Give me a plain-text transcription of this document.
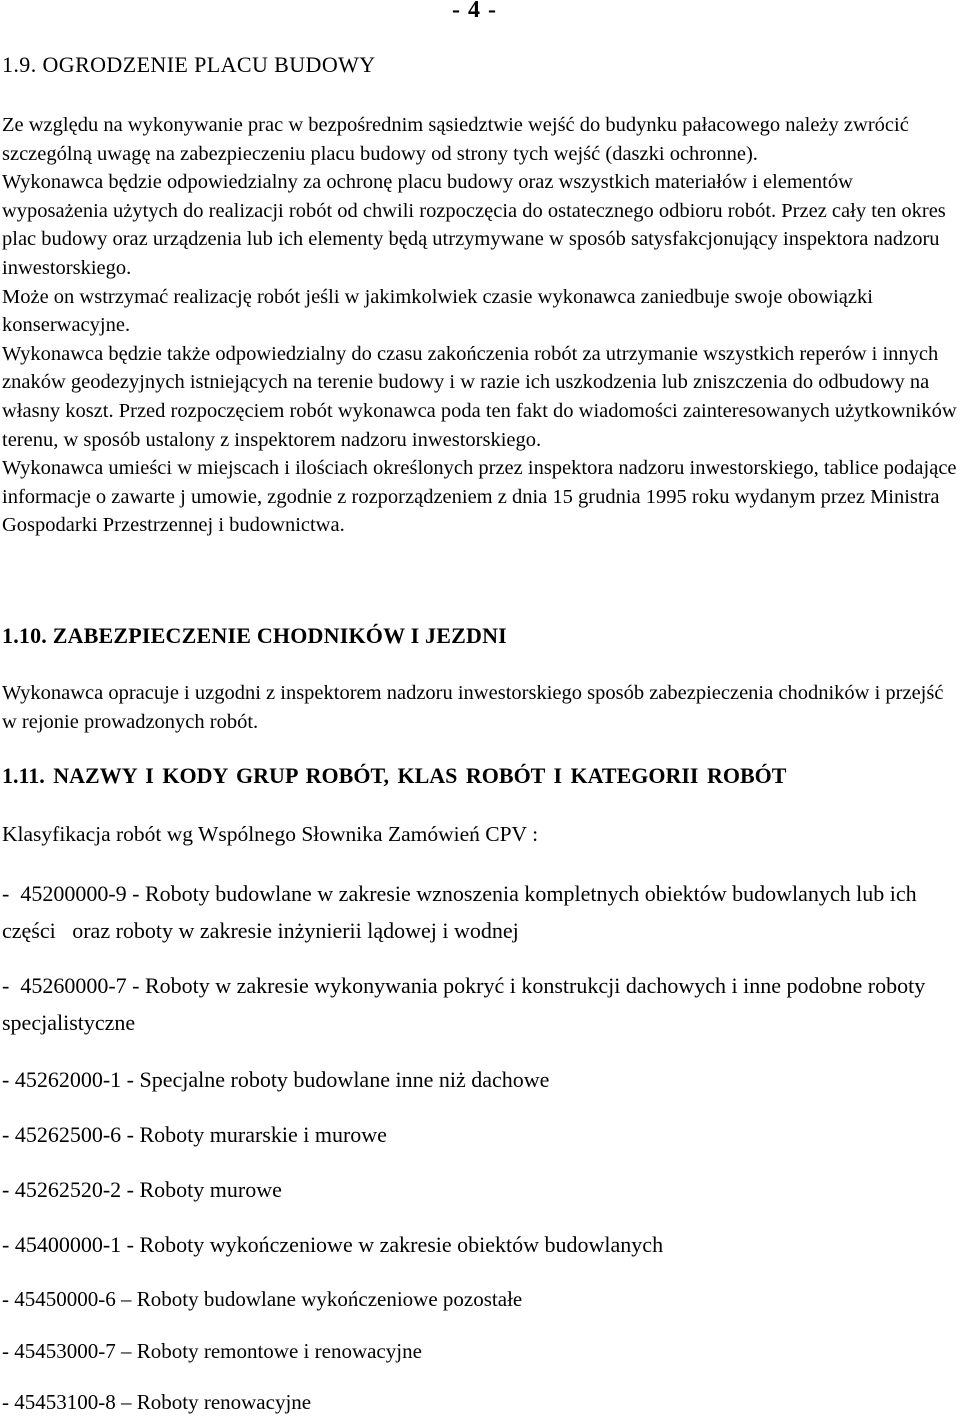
- 4 -
1.9. OGRODZENIE PLACU BUDOWY

Ze względu na wykonywanie prac w bezpośrednim sąsiedztwie wejść do budynku pałacowego należy zwrócić szczególną uwagę na zabezpieczeniu placu budowy od strony tych wejść (daszki ochronne).

Wykonawca będzie odpowiedzialny za ochronę placu budowy oraz wszystkich materiałów i elementów wyposażenia użytych do realizacji robót od chwili rozpoczęcia do ostatecznego odbioru robót. Przez cały ten okres plac budowy oraz urządzenia lub ich elementy będą utrzymywane w sposób satysfakcjonujący inspektora nadzoru inwestorskiego.

Może on wstrzymać realizację robót jeśli w jakimkolwiek czasie wykonawca zaniedbuje swoje obowiązki konserwacyjne.

Wykonawca będzie także odpowiedzialny do czasu zakończenia robót za utrzymanie wszystkich reperów i innych znaków geodezyjnych istniejących na terenie budowy i w razie ich uszkodzenia lub zniszczenia do odbudowy na własny koszt. Przed rozpoczęciem robót wykonawca poda ten fakt do wiadomości zainteresowanych użytkowników terenu, w sposób ustalony z inspektorem nadzoru inwestorskiego.

Wykonawca umieści w miejscach i ilościach określonych przez inspektora nadzoru inwestorskiego, tablice podające informacje o zawarte j umowie, zgodnie z rozporządzeniem z dnia 15 grudnia 1995 roku wydanym przez Ministra Gospodarki Przestrzennej i budownictwa.

1.10. ZABEZPIECZENIE CHODNIKÓW I JEZDNI

Wykonawca opracuje i uzgodni z inspektorem nadzoru inwestorskiego sposób zabezpieczenia chodników i przejść w rejonie prowadzonych robót.

1.11. NAZWY I KODY GRUP ROBÓT, KLAS ROBÓT I KATEGORII ROBÓT
Klasyfikacja robót wg Wspólnego Słownika Zamówień CPV :
-  45200000-9 - Roboty budowlane w zakresie wznoszenia kompletnych obiektów budowlanych lub ich części   oraz roboty w zakresie inżynierii lądowej i wodnej
-  45260000-7 - Roboty w zakresie wykonywania pokryć i konstrukcji dachowych i inne podobne roboty specjalistyczne
- 45262000-1 - Specjalne roboty budowlane inne niż dachowe
- 45262500-6 - Roboty murarskie i murowe
- 45262520-2 - Roboty murowe
- 45400000-1 - Roboty wykończeniowe w zakresie obiektów budowlanych
- 45450000-6 – Roboty budowlane wykończeniowe pozostałe
- 45453000-7 – Roboty remontowe i renowacyjne
- 45453100-8 – Roboty renowacyjne
